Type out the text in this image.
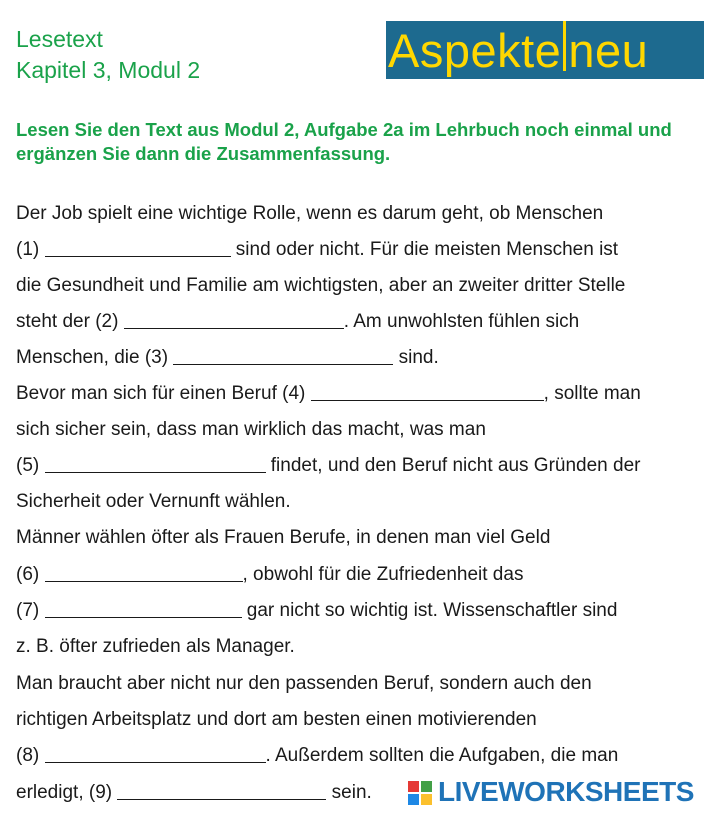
Lesetext
Kapitel 3, Modul 2	Aspekte neu
Lesen Sie den Text aus Modul 2, Aufgabe 2a im Lehrbuch noch einmal und ergänzen Sie dann die Zusammenfassung.
Der Job spielt eine wichtige Rolle, wenn es darum geht, ob Menschen
(1)	sind oder nicht. Für die meisten Menschen ist
die Gesundheit und Familie am wichtigsten, aber an zweiter dritter Stelle
steht der (2)	. Am unwohlsten fühlen sich
Menschen, die (3)	sind.
Bevor man sich für einen Beruf (4)	, sollte man
sich sicher sein, dass man wirklich das macht, was man
(5)	findet, und den Beruf nicht aus Gründen der
Sicherheit oder Vernunft wählen.
Männer wählen öfter als Frauen Berufe, in denen man viel Geld
(6)	, obwohl für die Zufriedenheit das
(7)	gar nicht so wichtig ist. Wissenschaftler sind
z. B. öfter zufrieden als Manager.
Man braucht aber nicht nur den passenden Beruf, sondern auch den
richtigen Arbeitsplatz und dort am besten einen motivierenden
(8)	. Außerdem sollten die Aufgaben, die man
erledigt, (9)	sein. LIVEWORKSHEETS
